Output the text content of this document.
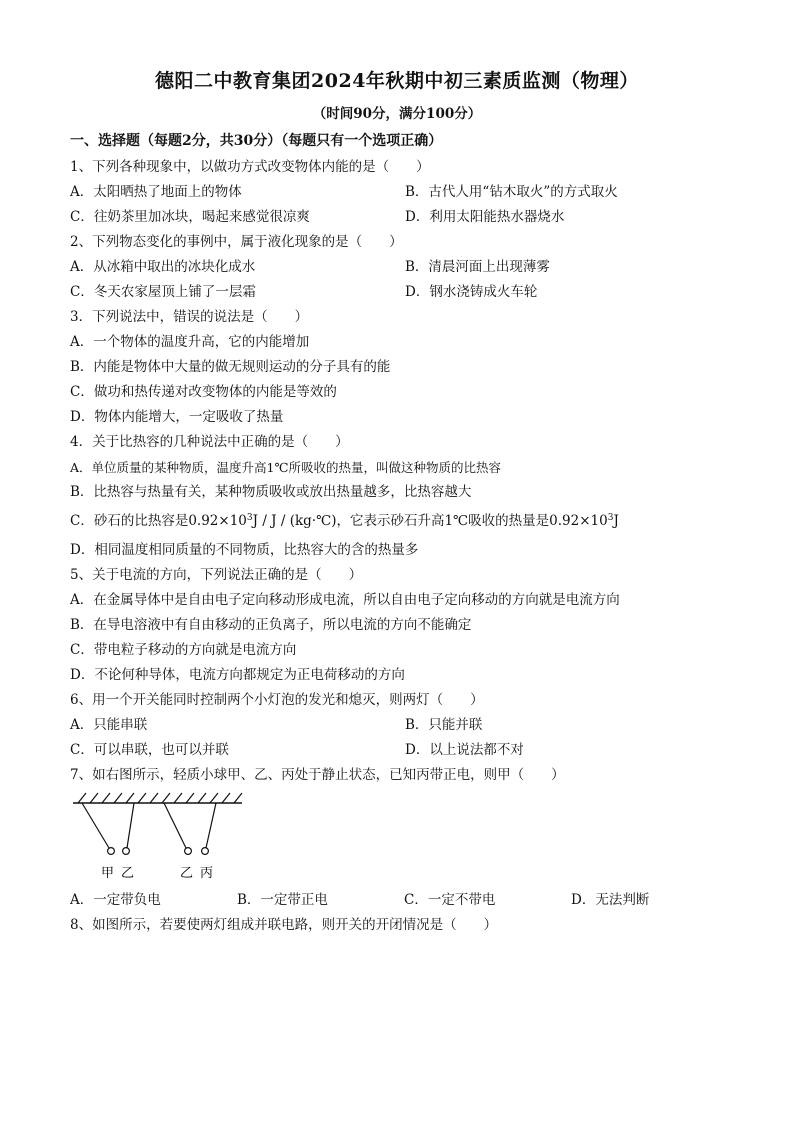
德阳二中教育集团2024年秋期中初三素质监测（物理）
（时间90分，满分100分）
一、选择题（每题2分，共30分）（每题只有一个选项正确）
1、下列各种现象中，以做功方式改变物体内能的是（　　）
A．太阳晒热了地面上的物体	B．古代人用“钻木取火”的方式取火
C．往奶茶里加冰块，喝起来感觉很凉爽	D．利用太阳能热水器烧水
2、下列物态变化的事例中，属于液化现象的是（　　）
A．从冰箱中取出的冰块化成水	B．清晨河面上出现薄雾
C．冬天农家屋顶上铺了一层霜	D．钢水浇铸成火车轮
3．下列说法中，错误的说法是（　　）
A．一个物体的温度升高，它的内能增加
B．内能是物体中大量的做无规则运动的分子具有的能
C．做功和热传递对改变物体的内能是等效的
D．物体内能增大，一定吸收了热量
4．关于比热容的几种说法中正确的是（　　）
A．单位质量的某种物质，温度升高1℃所吸收的热量，叫做这种物质的比热容
B．比热容与热量有关，某种物质吸收或放出热量越多，比热容越大
C．砂石的比热容是$0.92\times 10^3J / J$ / (kg·℃)，它表示砂石升高1℃吸收的热量是$0.92\times 10^3J$
D．相同温度相同质量的不同物质，比热容大的含的热量多
5、关于电流的方向，下列说法正确的是（　　）
A．在金属导体中是自由电子定向移动形成电流，所以自由电子定向移动的方向就是电流方向
B．在导电溶液中有自由移动的正负离子，所以电流的方向不能确定
C．带电粒子移动的方向就是电流方向
D．不论何种导体，电流方向都规定为正电荷移动的方向
6、用一个开关能同时控制两个小灯泡的发光和熄灭，则两灯（　　）
A．只能串联	B．只能并联
C．可以串联，也可以并联	D．以上说法都不对
7、如右图所示，轻质小球甲、乙、丙处于静止状态，已知丙带正电，则甲（　　）
甲 乙	乙 丙
A．一定带负电	B．一定带正电	C．一定不带电	D．无法判断
8、如图所示，若要使两灯组成并联电路，则开关的开闭情况是（　　）
